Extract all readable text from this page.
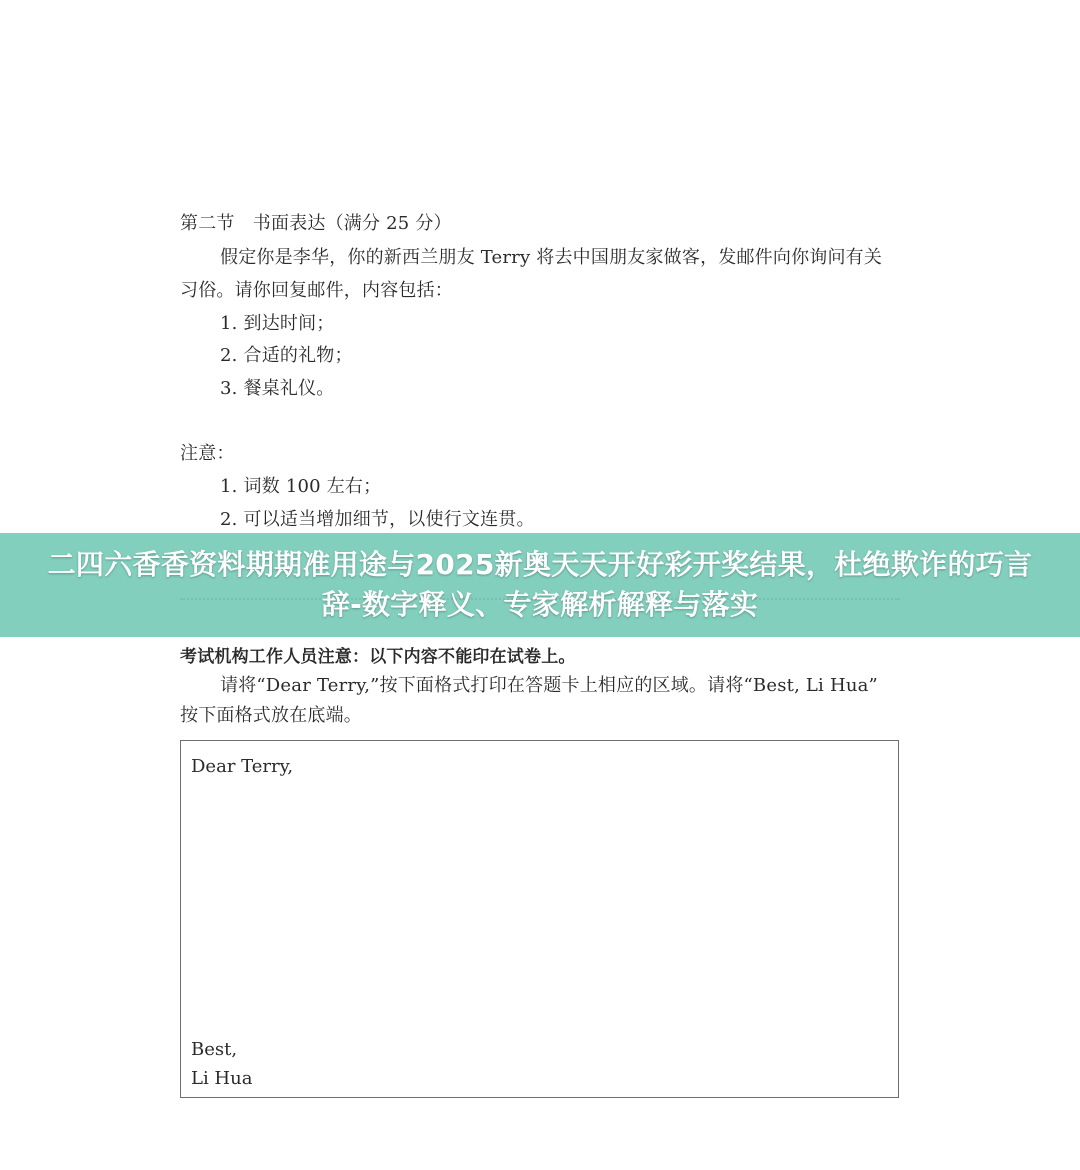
第二节　书面表达（满分 25 分）
假定你是李华，你的新西兰朋友 Terry 将去中国朋友家做客，发邮件向你询问有关
习俗。请你回复邮件，内容包括：
1. 到达时间；
2. 合适的礼物；
3. 餐桌礼仪。
注意：
1. 词数 100 左右；
2. 可以适当增加细节，以使行文连贯。
考试机构工作人员注意：以下内容不能印在试卷上。
请将“Dear Terry,”按下面格式打印在答题卡上相应的区域。请将“Best, Li Hua”
按下面格式放在底端。
Dear Terry,
Best,
Li Hua
二四六香香资料期期准用途与2025新奥天天开好彩开奖结果，杜绝欺诈的巧言辞-数字释义、专家解析解释与落实
